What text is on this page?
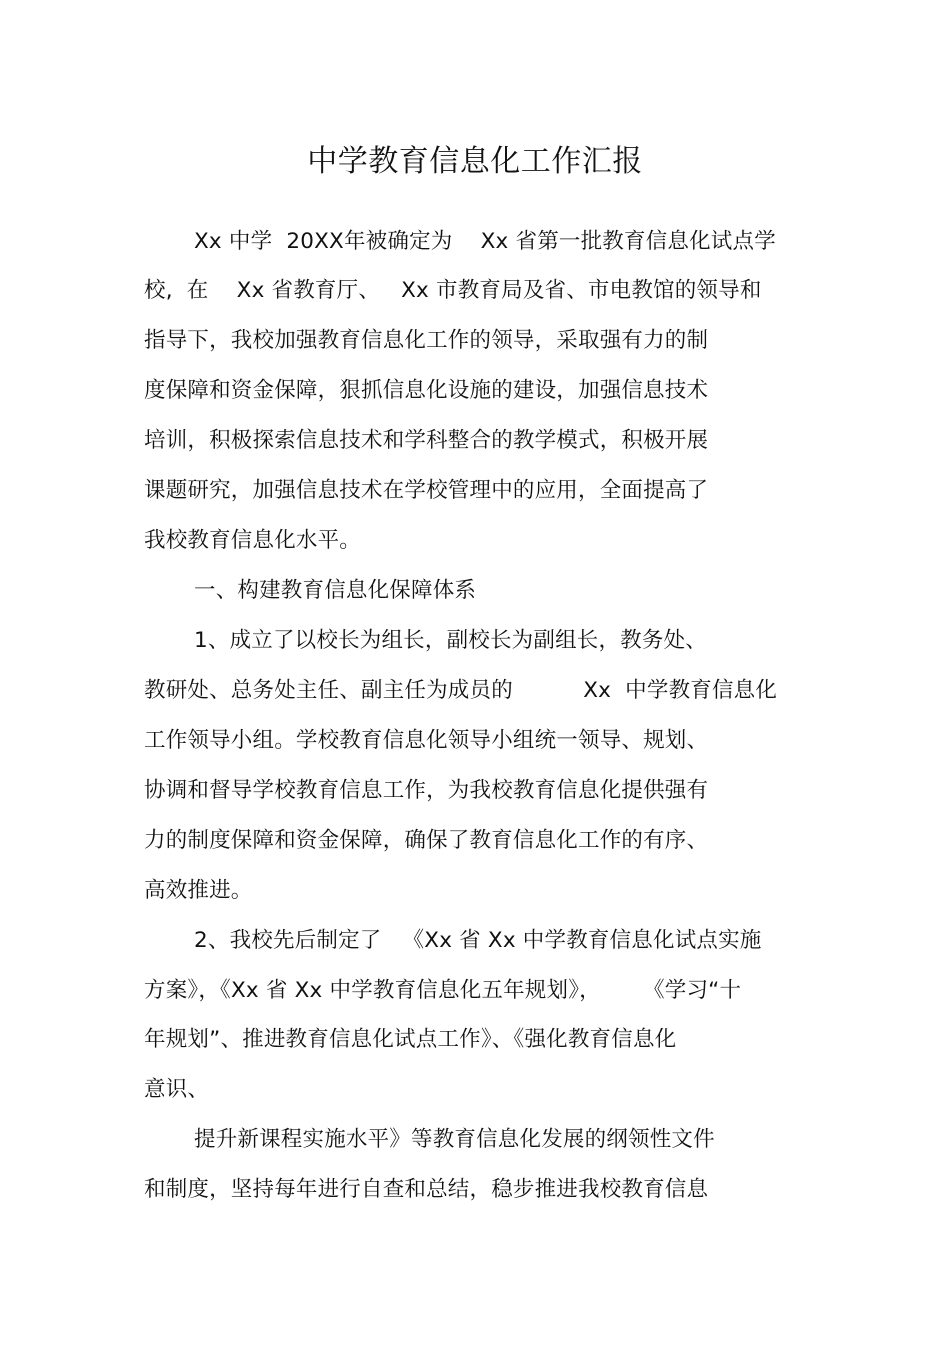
中学教育信息化工作汇报
Xx 中学  20XX年被确定为    Xx 省第一批教育信息化试点学
校,  在    Xx 省教育厅、   Xx 市教育局及省、市电教馆的领导和
指导下，我校加强教育信息化工作的领导，采取强有力的制
度保障和资金保障，狠抓信息化设施的建设，加强信息技术
培训，积极探索信息技术和学科整合的教学模式，积极开展
课题研究，加强信息技术在学校管理中的应用，全面提高了
我校教育信息化水平。
一、构建教育信息化保障体系
1、成立了以校长为组长，副校长为副组长，教务处、
教研处、总务处主任、副主任为成员的          Xx  中学教育信息化
工作领导小组。学校教育信息化领导小组统一领导、规划、
协调和督导学校教育信息工作，为我校教育信息化提供强有
力的制度保障和资金保障，确保了教育信息化工作的有序、
高效推进。
2、我校先后制定了   《Xx 省 Xx 中学教育信息化试点实施
方案》，《Xx 省 Xx 中学教育信息化五年规划》，      《学习“十
年规划”、推进教育信息化试点工作》、《强化教育信息化
意识、
提升新课程实施水平》等教育信息化发展的纲领性文件
和制度，坚持每年进行自查和总结，稳步推进我校教育信息
